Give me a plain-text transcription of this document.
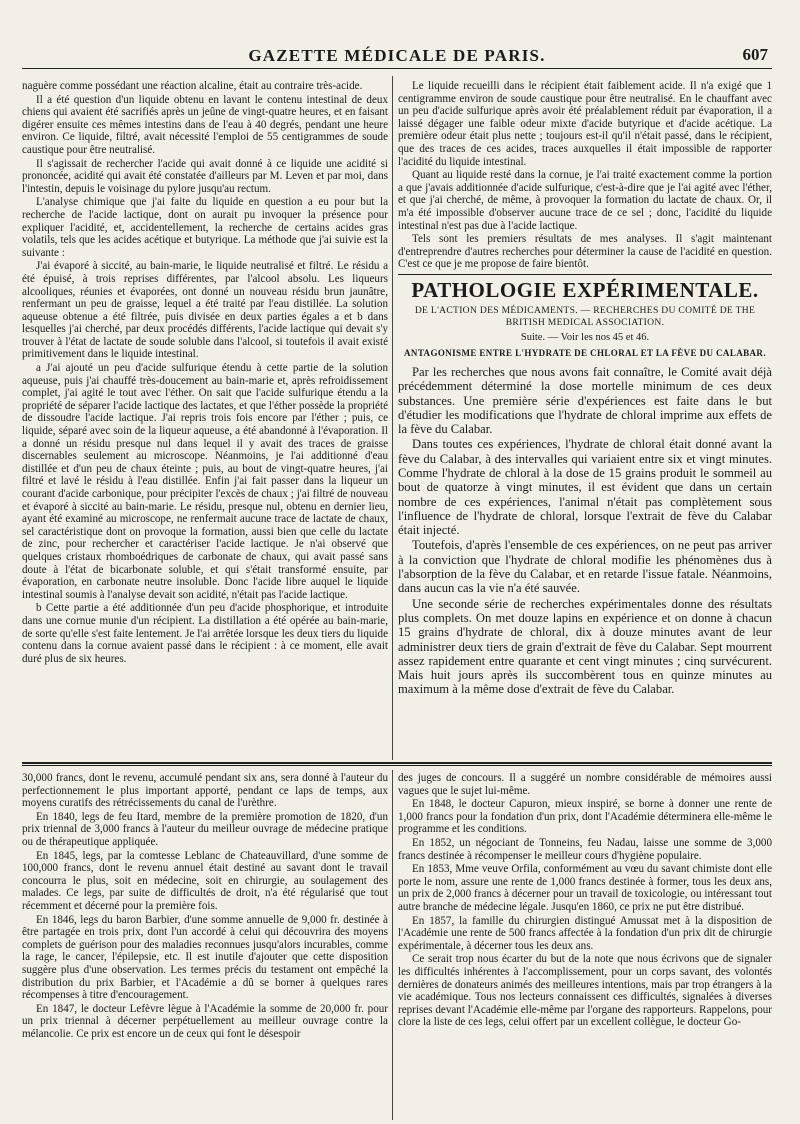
GAZETTE MÉDICALE DE PARIS.	607

naguère comme possédant une réaction alcaline, était au contraire très-acide.

Il a été question d'un liquide obtenu en lavant le contenu intestinal de deux chiens qui avaient été sacrifiés après un jeûne de vingt-quatre heures, et en faisant digérer ensuite ces mêmes intestins dans de l'eau à 40 degrés, pendant une heure environ. Ce liquide, filtré, avait nécessité l'emploi de 55 centigrammes de soude caustique pour être neutralisé.

Il s'agissait de rechercher l'acide qui avait donné à ce liquide une acidité si prononcée, acidité qui avait été constatée d'ailleurs par M. Leven et par moi, dans l'intestin, depuis le voisinage du pylore jusqu'au rectum.

L'analyse chimique que j'ai faite du liquide en question a eu pour but la recherche de l'acide lactique, dont on aurait pu invoquer la présence pour expliquer l'acidité, et, accidentellement, la recherche de certains acides gras volatils, tels que les acides acétique et butyrique. La méthode que j'ai suivie est la suivante :

J'ai évaporé à siccité, au bain-marie, le liquide neutralisé et filtré. Le résidu a été épuisé, à trois reprises différentes, par l'alcool absolu. Les liqueurs alcooliques, réunies et évaporées, ont donné un nouveau résidu brun jaunâtre, renfermant un peu de graisse, lequel a été traité par l'eau distillée. La solution aqueuse obtenue a été filtrée, puis divisée en deux parties égales a et b dans lesquelles j'ai cherché, par deux procédés différents, l'acide lactique qui devait s'y trouver à l'état de lactate de soude soluble dans l'alcool, si toutefois il avait existé primitivement dans le liquide intestinal.

a J'ai ajouté un peu d'acide sulfurique étendu à cette partie de la solution aqueuse, puis j'ai chauffé très-doucement au bain-marie et, après refroidissement complet, j'ai agité le tout avec l'éther. On sait que l'acide sulfurique étendu a la propriété de séparer l'acide lactique des lactates, et que l'éther possède la propriété de dissoudre l'acide lactique. J'ai repris trois fois encore par l'éther ; puis, ce liquide, séparé avec soin de la liqueur aqueuse, a été abandonné à l'évaporation. Il a donné un résidu presque nul dans lequel il y avait des traces de graisse discernables seulement au microscope. Néanmoins, je l'ai additionné d'eau distillée et d'un peu de chaux éteinte ; puis, au bout de vingt-quatre heures, j'ai filtré et lavé le résidu à l'eau distillée. Enfin j'ai fait passer dans la liqueur un courant d'acide carbonique, pour précipiter l'excès de chaux ; j'ai filtré de nouveau et évaporé à siccité au bain-marie. Le résidu, presque nul, obtenu en dernier lieu, ayant été examiné au microscope, ne renfermait aucune trace de lactate de chaux, sel caractéristique dont on provoque la formation, aussi bien que celle du lactate de zinc, pour rechercher et caractériser l'acide lactique. Je n'ai observé que quelques cristaux rhomboédriques de carbonate de chaux, qui avait passé sans doute à l'état de bicarbonate soluble, et qui s'était transformé ensuite, par évaporation, en carbonate neutre insoluble. Donc l'acide libre auquel le liquide intestinal soumis à l'analyse devait son acidité, n'était pas l'acide lactique.

b Cette partie a été additionnée d'un peu d'acide phosphorique, et introduite dans une cornue munie d'un récipient. La distillation a été opérée au bain-marie, de sorte qu'elle s'est faite lentement. Je l'ai arrêtée lorsque les deux tiers du liquide contenu dans la cornue avaient passé dans le récipient : à ce moment, elle avait duré plus de six heures.

Le liquide recueilli dans le récipient était faiblement acide. Il n'a exigé que 1 centigramme environ de soude caustique pour être neutralisé. En le chauffant avec un peu d'acide sulfurique après avoir été préalablement réduit par évaporation, il a laissé dégager une faible odeur mixte d'acide butyrique et d'acide acétique. La première odeur était plus nette ; toujours est-il qu'il n'était passé, dans le récipient, que des traces de ces acides, traces auxquelles il était impossible de rapporter l'acidité du liquide intestinal.

Quant au liquide resté dans la cornue, je l'ai traité exactement comme la portion a que j'avais additionnée d'acide sulfurique, c'est-à-dire que je l'ai agité avec l'éther, et que j'ai cherché, de même, à provoquer la formation du lactate de chaux. Or, il m'a été impossible d'observer aucune trace de ce sel ; donc, l'acidité du liquide intestinal n'est pas due à l'acide lactique.

Tels sont les premiers résultats de mes analyses. Il s'agit maintenant d'entreprendre d'autres recherches pour déterminer la cause de l'acidité en question. C'est ce que je me propose de faire bientôt.

PATHOLOGIE EXPÉRIMENTALE.
DE L'ACTION DES MÉDICAMENTS. — RECHERCHES DU COMITÉ DE THE BRITISH MEDICAL ASSOCIATION.
Suite. — Voir les nos 45 et 46.
ANTAGONISME ENTRE L'HYDRATE DE CHLORAL ET LA FÈVE DU CALABAR.

Par les recherches que nous avons fait connaître, le Comité avait déjà précédemment déterminé la dose mortelle minimum de ces deux substances. Une première série d'expériences est faite dans le but d'étudier les modifications que l'hydrate de chloral imprime aux effets de la fève du Calabar.

Dans toutes ces expériences, l'hydrate de chloral était donné avant la fève du Calabar, à des intervalles qui variaient entre six et vingt minutes. Comme l'hydrate de chloral à la dose de 15 grains produit le sommeil au bout de quatorze à vingt minutes, il est évident que dans un certain nombre de ces expériences, l'animal n'était pas complètement sous l'influence de l'hydrate de chloral, lorsque l'extrait de fève du Calabar était injecté.

Toutefois, d'après l'ensemble de ces expériences, on ne peut pas arriver à la conviction que l'hydrate de chloral modifie les phénomènes dus à l'absorption de la fève du Calabar, et en retarde l'issue fatale. Néanmoins, dans aucun cas la vie n'a été sauvée.

Une seconde série de recherches expérimentales donne des résultats plus complets. On met douze lapins en expérience et on donne à chacun 15 grains d'hydrate de chloral, dix à douze minutes avant de leur administrer deux tiers de grain d'extrait de fève du Calabar. Sept mourrent assez rapidement entre quarante et cent vingt minutes ; cinq survécurent. Mais huit jours après ils succombèrent tous en quinze minutes au maximum à la même dose d'extrait de fève du Calabar.

30,000 francs, dont le revenu, accumulé pendant six ans, sera donné à l'auteur du perfectionnement le plus important apporté, pendant ce laps de temps, aux moyens curatifs des rétrécissements du canal de l'urèthre.

En 1840, legs de feu Itard, membre de la première promotion de 1820, d'un prix triennal de 3,000 francs à l'auteur du meilleur ouvrage de médecine pratique ou de thérapeutique appliquée.

En 1845, legs, par la comtesse Leblanc de Chateauvillard, d'une somme de 100,000 francs, dont le revenu annuel était destiné au savant dont le travail concourra le plus, soit en médecine, soit en chirurgie, au soulagement des malades. Ce legs, par suite de difficultés de droit, n'a été régularisé que tout récemment et décerné pour la première fois.

En 1846, legs du baron Barbier, d'une somme annuelle de 9,000 fr. destinée à être partagée en trois prix, dont l'un accordé à celui qui découvrira des moyens complets de guérison pour des maladies reconnues jusqu'alors incurables, comme la rage, le cancer, l'épilepsie, etc. Il est inutile d'ajouter que cette disposition suggère plus d'une observation. Les termes précis du testament ont empêché la distribution du prix Barbier, et l'Académie a dû se borner à quelques rares récompenses à titre d'encouragement.

En 1847, le docteur Lefèvre lègue à l'Académie la somme de 20,000 fr. pour un prix triennal à décerner perpétuellement au meilleur ouvrage contre la mélancolie. Ce prix est encore un de ceux qui font le désespoir

des juges de concours. Il a suggéré un nombre considérable de mémoires aussi vagues que le sujet lui-même.

En 1848, le docteur Capuron, mieux inspiré, se borne à donner une rente de 1,000 francs pour la fondation d'un prix, dont l'Académie déterminera elle-même le programme et les conditions.

En 1852, un négociant de Tonneins, feu Nadau, laisse une somme de 3,000 francs destinée à récompenser le meilleur cours d'hygiène populaire.

En 1853, Mme veuve Orfila, conformément au vœu du savant chimiste dont elle porte le nom, assure une rente de 1,000 francs destinée à former, tous les deux ans, un prix de 2,000 francs à décerner pour un travail de toxicologie, ou intéressant tout autre branche de médecine légale. Jusqu'en 1860, ce prix ne put être distribué.

En 1857, la famille du chirurgien distingué Amussat met à la disposition de l'Académie une rente de 500 francs affectée à la fondation d'un prix dit de chirurgie expérimentale, à décerner tous les deux ans.

Ce serait trop nous écarter du but de la note que nous écrivons que de signaler les difficultés inhérentes à l'accomplissement, pour un corps savant, des volontés dernières de donateurs animés des meilleures intentions, mais par trop étrangers à la vie académique. Tous nos lecteurs connaissent ces difficultés, signalées à diverses reprises devant l'Académie elle-même par l'organe des rapporteurs. Rappelons, pour clore la liste de ces legs, celui offert par un excellent collègue, le docteur Go-
